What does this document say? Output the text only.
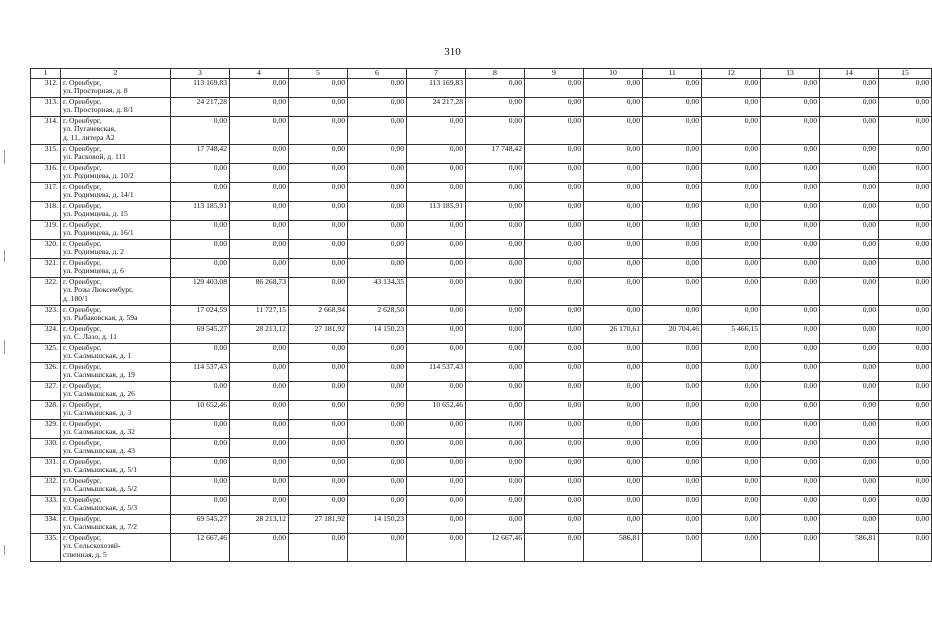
310
1	2	3	4	5	6	7	8	9	10	11	12	13	14	15
312.	г. Оренбург,
ул. Просторная, д. 8	113 169,83	0,00	0,00	0,00	113 169,83	0,00	0,00	0,00	0,00	0,00	0,00	0,00	0,00
313.	г. Оренбург,
ул. Просторная, д. 8/1	24 217,28	0,00	0,00	0,00	24 217,28	0,00	0,00	0,00	0,00	0,00	0,00	0,00	0,00
314.	г. Оренбург,
ул. Пугачевская,
д. 11, литера А2	0,00	0,00	0,00	0,00	0,00	0,00	0,00	0,00	0,00	0,00	0,00	0,00	0,00
315.	г. Оренбург,
ул. Расковой, д. 111	17 748,42	0,00	0,00	0,00	0,00	17 748,42	0,00	0,00	0,00	0,00	0,00	0,00	0,00
316.	г. Оренбург,
ул. Родимцева, д. 10/2	0,00	0,00	0,00	0,00	0,00	0,00	0,00	0,00	0,00	0,00	0,00	0,00	0,00
317.	г. Оренбург,
ул. Родимцева, д. 14/1	0,00	0,00	0,00	0,00	0,00	0,00	0,00	0,00	0,00	0,00	0,00	0,00	0,00
318.	г. Оренбург,
ул. Родимцева, д. 15	113 185,91	0,00	0,00	0,00	113 185,91	0,00	0,00	0,00	0,00	0,00	0,00	0,00	0,00
319.	г. Оренбург,
ул. Родимцева, д. 16/1	0,00	0,00	0,00	0,00	0,00	0,00	0,00	0,00	0,00	0,00	0,00	0,00	0,00
320.	г. Оренбург,
ул. Родимцева, д. 2	0,00	0,00	0,00	0,00	0,00	0,00	0,00	0,00	0,00	0,00	0,00	0,00	0,00
321.	г. Оренбург,
ул. Родимцева, д. 6	0,00	0,00	0,00	0,00	0,00	0,00	0,00	0,00	0,00	0,00	0,00	0,00	0,00
322.	г. Оренбург,
ул. Розы Люксембург,
д. 180/1	129 403,08	86 268,73	0,00	43 134,35	0,00	0,00	0,00	0,00	0,00	0,00	0,00	0,00	0,00
323.	г. Оренбург,
ул. Рыбаковская, д. 59а	17 024,59	11 727,15	2 668,94	2 628,50	0,00	0,00	0,00	0,00	0,00	0,00	0,00	0,00	0,00
324.	г. Оренбург,
ул. С. Лазо, д. 11	69 545,27	28 213,12	27 181,92	14 150,23	0,00	0,00	0,00	26 170,61	20 704,46	5 466,15	0,00	0,00	0,00
325.	г. Оренбург,
ул. Салмышская, д. 1	0,00	0,00	0,00	0,00	0,00	0,00	0,00	0,00	0,00	0,00	0,00	0,00	0,00
326.	г. Оренбург,
ул. Салмышская, д. 19	114 537,43	0,00	0,00	0,00	114 537,43	0,00	0,00	0,00	0,00	0,00	0,00	0,00	0,00
327.	г. Оренбург,
ул. Салмышская, д. 26	0,00	0,00	0,00	0,00	0,00	0,00	0,00	0,00	0,00	0,00	0,00	0,00	0,00
328.	г. Оренбург,
ул. Салмышская, д. 3	10 652,46	0,00	0,00	0,00	10 652,46	0,00	0,00	0,00	0,00	0,00	0,00	0,00	0,00
329.	г. Оренбург,
ул. Салмышская, д. 32	0,00	0,00	0,00	0,00	0,00	0,00	0,00	0,00	0,00	0,00	0,00	0,00	0,00
330.	г. Оренбург,
ул. Салмышская, д. 43	0,00	0,00	0,00	0,00	0,00	0,00	0,00	0,00	0,00	0,00	0,00	0,00	0,00
331.	г. Оренбург,
ул. Салмышская, д. 5/1	0,00	0,00	0,00	0,00	0,00	0,00	0,00	0,00	0,00	0,00	0,00	0,00	0,00
332.	г. Оренбург,
ул. Салмышская, д. 5/2	0,00	0,00	0,00	0,00	0,00	0,00	0,00	0,00	0,00	0,00	0,00	0,00	0,00
333.	г. Оренбург,
ул. Салмышская, д. 5/3	0,00	0,00	0,00	0,00	0,00	0,00	0,00	0,00	0,00	0,00	0,00	0,00	0,00
334.	г. Оренбург,
ул. Салмышская, д. 7/2	69 545,27	28 213,12	27 181,92	14 150,23	0,00	0,00	0,00	0,00	0,00	0,00	0,00	0,00	0,00
335.	г. Оренбург,
ул. Сельскохозяй-
ственная, д. 5	12 667,46	0,00	0,00	0,00	0,00	12 667,46	0,00	586,81	0,00	0,00	0,00	586,81	0,00
